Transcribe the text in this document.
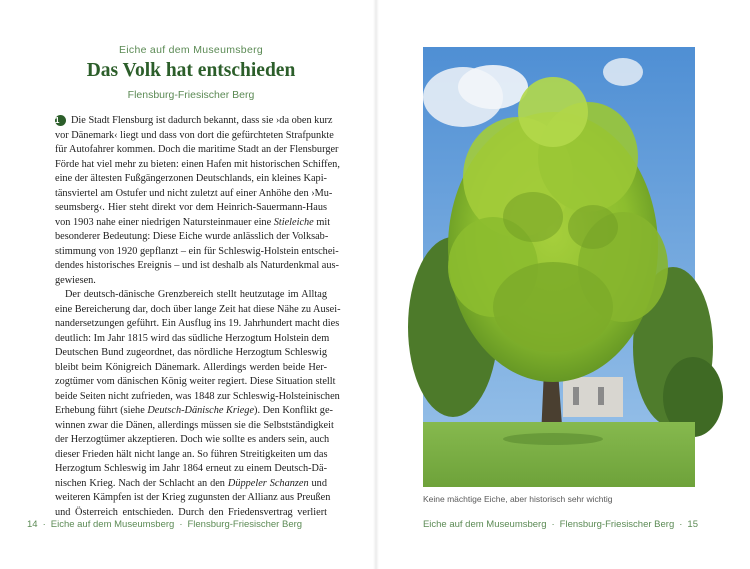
Eiche auf dem Museumsberg
Das Volk hat entschieden
Flensburg-Friesischer Berg
1 Die Stadt Flensburg ist dadurch bekannt, dass sie ›da oben kurz
vor Dänemark‹ liegt und dass von dort die gefürchteten Strafpunkte
für Autofahrer kommen. Doch die maritime Stadt an der Flensburger
Förde hat viel mehr zu bieten: einen Hafen mit historischen Schiffen,
eine der ältesten Fußgängerzonen Deutschlands, ein kleines Kapi-
tänsviertel am Ostufer und nicht zuletzt auf einer Anhöhe den ›Mu-
seumsberg‹. Hier steht direkt vor dem Heinrich-Sauermann-Haus
von 1903 nahe einer niedrigen Natursteinmauer eine Stieleiche mit
besonderer Bedeutung: Diese Eiche wurde anlässlich der Volksab-
stimmung von 1920 gepflanzt – ein für Schleswig-Holstein entschei-
dendes historisches Ereignis – und ist deshalb als Naturdenkmal aus-
gewiesen.
Der deutsch-dänische Grenzbereich stellt heutzutage im Alltag
eine Bereicherung dar, doch über lange Zeit hat diese Nähe zu Ausei-
nandersetzungen geführt. Ein Ausflug ins 19. Jahrhundert macht dies
deutlich: Im Jahr 1815 wird das südliche Herzogtum Holstein dem
Deutschen Bund zugeordnet, das nördliche Herzogtum Schleswig
bleibt beim Königreich Dänemark. Allerdings werden beide Her-
zogtümer vom dänischen König weiter regiert. Diese Situation stellt
beide Seiten nicht zufrieden, was 1848 zur Schleswig-Holsteinischen
Erhebung führt (siehe Deutsch-Dänische Kriege). Den Konflikt ge-
winnen zwar die Dänen, allerdings müssen sie die Selbstständigkeit
der Herzogtümer akzeptieren. Doch wie sollte es anders sein, auch
dieser Frieden hält nicht lange an. So führen Streitigkeiten um das
Herzogtum Schleswig im Jahr 1864 erneut zu einem Deutsch-Dä-
nischen Krieg. Nach der Schlacht an den Düppeler Schanzen und
weiteren Kämpfen ist der Krieg zugunsten der Allianz aus Preußen
und Österreich entschieden. Durch den Friedensvertrag verliert
14 · Eiche auf dem Museumsberg · Flensburg-Friesischer Berg
Keine mächtige Eiche, aber historisch sehr wichtig
Eiche auf dem Museumsberg · Flensburg-Friesischer Berg · 15
